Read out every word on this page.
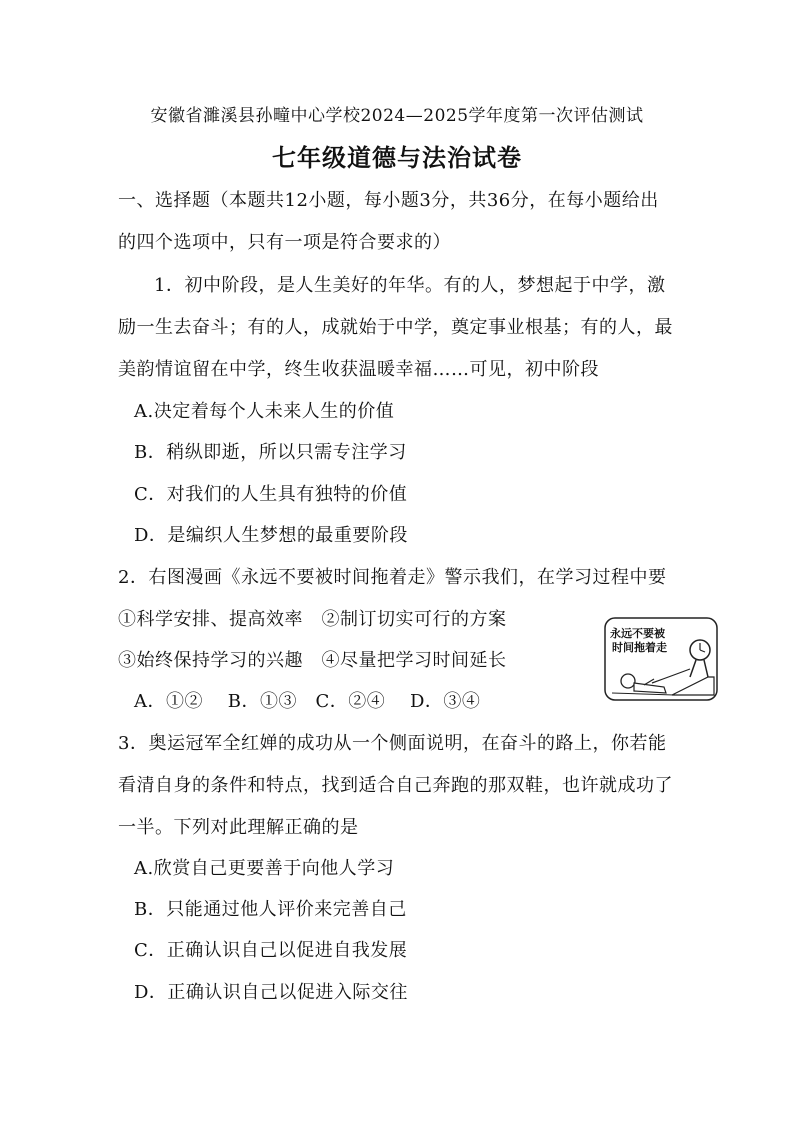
安徽省濉溪县孙疃中心学校2024—2025学年度第一次评估测试
七年级道德与法治试卷
一、选择题（本题共12小题，每小题3分，共36分，在每小题给出
的四个选项中，只有一项是符合要求的）
1．初中阶段，是人生美好的年华。有的人，梦想起于中学，激
励一生去奋斗；有的人，成就始于中学，奠定事业根基；有的人，最
美韵情谊留在中学，终生收获温暖幸福……可见，初中阶段
A.决定着每个人未来人生的价值
B．稍纵即逝，所以只需专注学习
C．对我们的人生具有独特的价值
D．是编织人生梦想的最重要阶段
2．右图漫画《永远不要被时间拖着走》警示我们，在学习过程中要
①科学安排、提高效率　②制订切实可行的方案
③始终保持学习的兴趣　④尽量把学习时间延长
A．①②　 B．①③　C．②④　 D．③④
永远不要被
时间拖着走
3．奥运冠军全红婵的成功从一个侧面说明，在奋斗的路上，你若能
看清自身的条件和特点，找到适合自己奔跑的那双鞋，也许就成功了
一半。下列对此理解正确的是
A.欣赏自己更要善于向他人学习
B．只能通过他人评价来完善自己
C．正确认识自己以促进自我发展
D．正确认识自己以促进入际交往
